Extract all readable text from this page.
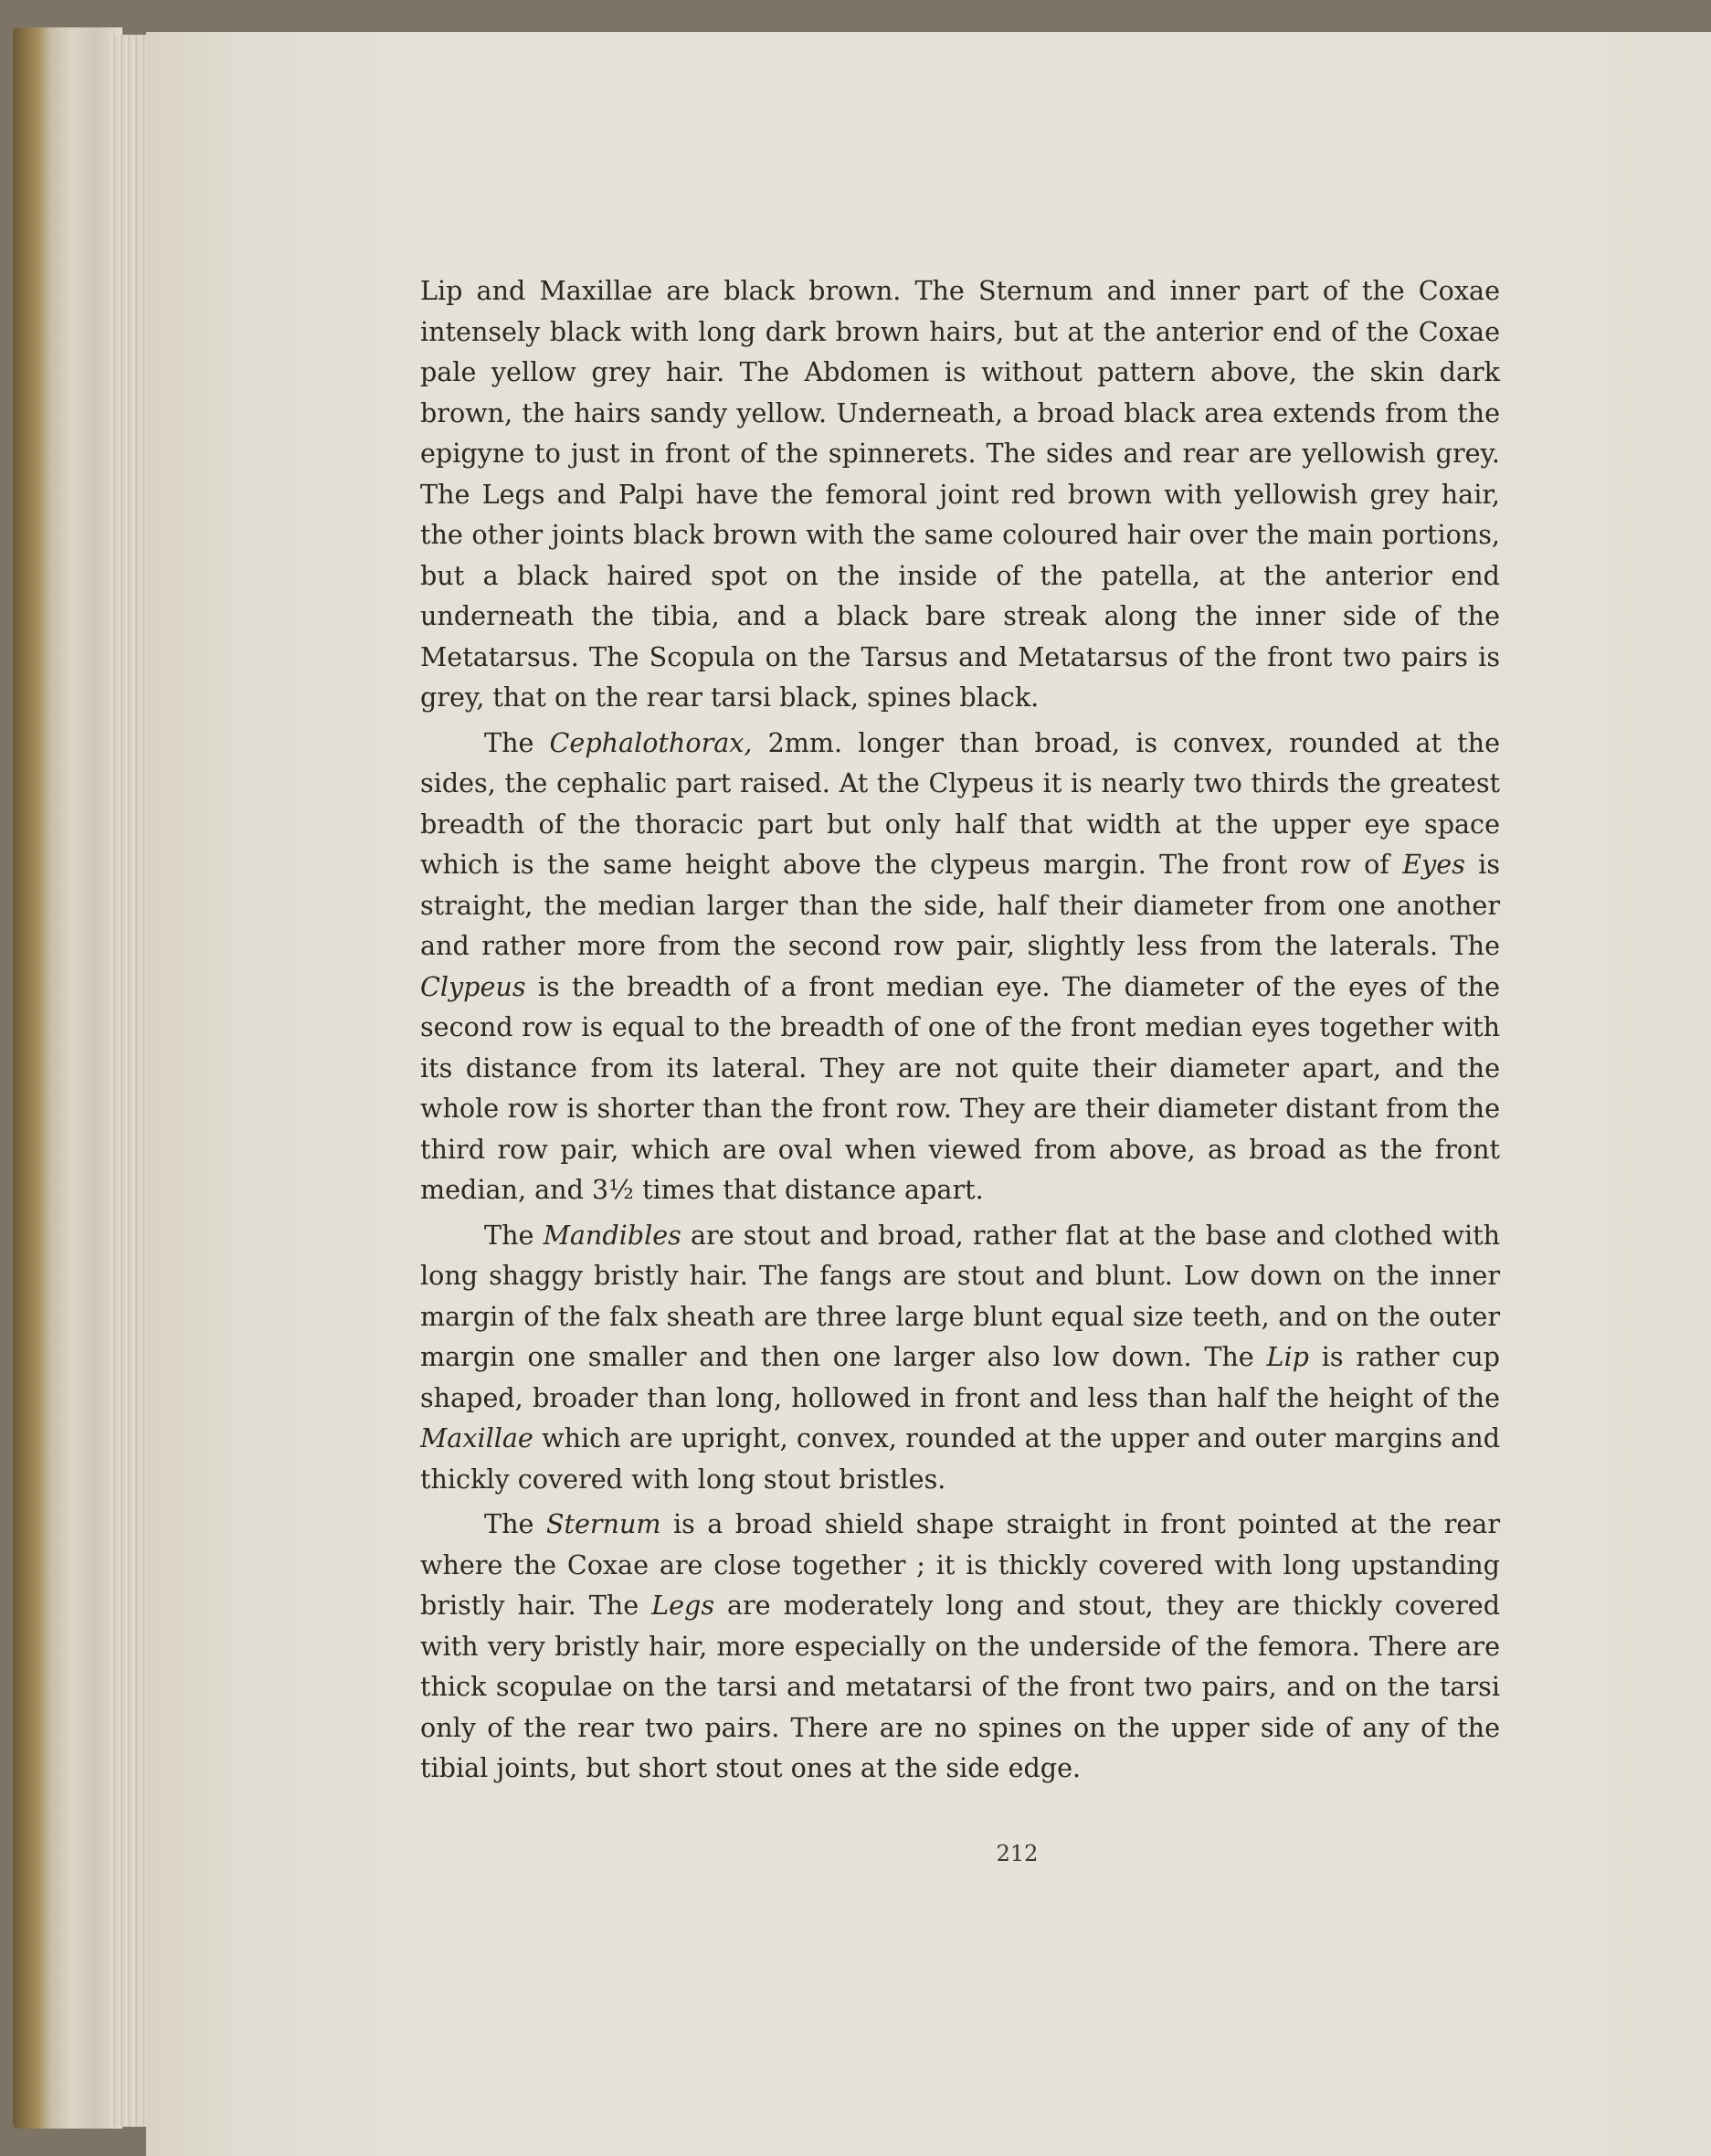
Lip and Maxillae are black brown. The Sternum and inner part of the Coxae intensely black with long dark brown hairs, but at the anterior end of the Coxae pale yellow grey hair. The Abdomen is without pattern above, the skin dark brown, the hairs sandy yellow. Underneath, a broad black area extends from the epigyne to just in front of the spinnerets. The sides and rear are yellowish grey. The Legs and Palpi have the femoral joint red brown with yellowish grey hair, the other joints black brown with the same coloured hair over the main portions, but a black haired spot on the inside of the patella, at the anterior end underneath the tibia, and a black bare streak along the inner side of the Metatarsus. The Scopula on the Tarsus and Metatarsus of the front two pairs is grey, that on the rear tarsi black, spines black.

The Cephalothorax, 2mm. longer than broad, is convex, rounded at the sides, the cephalic part raised. At the Clypeus it is nearly two thirds the greatest breadth of the thoracic part but only half that width at the upper eye space which is the same height above the clypeus margin. The front row of Eyes is straight, the median larger than the side, half their diameter from one another and rather more from the second row pair, slightly less from the laterals. The Clypeus is the breadth of a front median eye. The diameter of the eyes of the second row is equal to the breadth of one of the front median eyes together with its distance from its lateral. They are not quite their diameter apart, and the whole row is shorter than the front row. They are their diameter distant from the third row pair, which are oval when viewed from above, as broad as the front median, and 3½ times that distance apart.

The Mandibles are stout and broad, rather flat at the base and clothed with long shaggy bristly hair. The fangs are stout and blunt. Low down on the inner margin of the falx sheath are three large blunt equal size teeth, and on the outer margin one smaller and then one larger also low down. The Lip is rather cup shaped, broader than long, hollowed in front and less than half the height of the Maxillae which are upright, convex, rounded at the upper and outer margins and thickly covered with long stout bristles.

The Sternum is a broad shield shape straight in front pointed at the rear where the Coxae are close together ; it is thickly covered with long upstanding bristly hair. The Legs are moderately long and stout, they are thickly covered with very bristly hair, more especially on the underside of the femora. There are thick scopulae on the tarsi and metatarsi of the front two pairs, and on the tarsi only of the rear two pairs. There are no spines on the upper side of any of the tibial joints, but short stout ones at the side edge.

212
